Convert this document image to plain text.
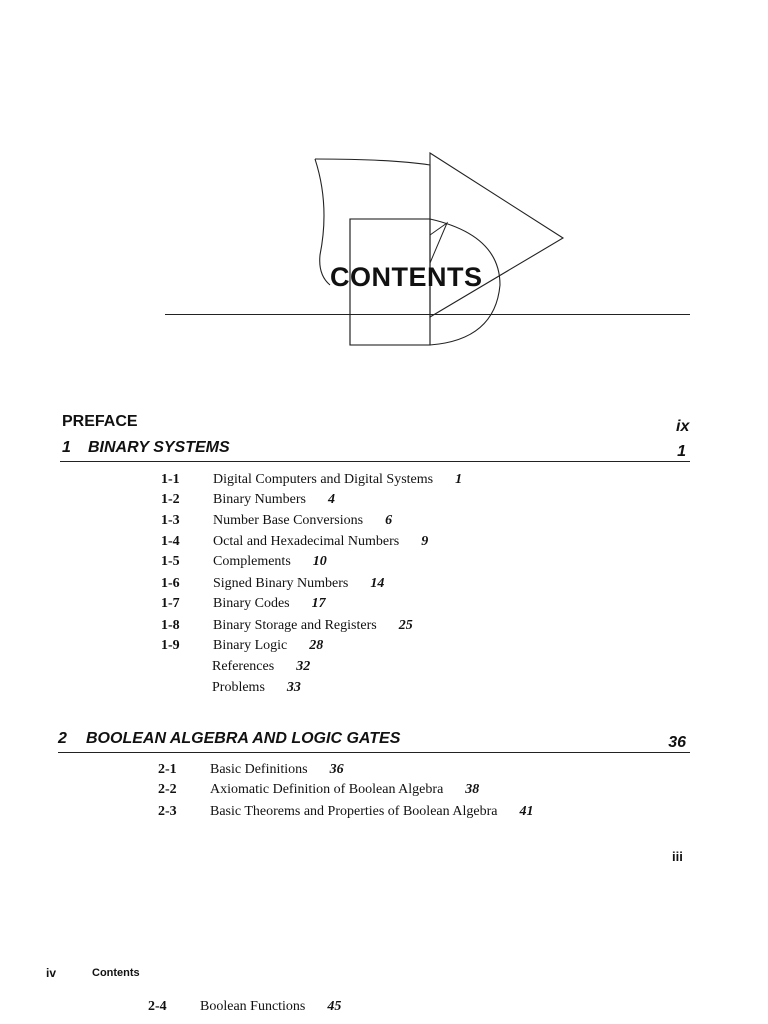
CONTENTS
PREFACE	ix
1 BINARY SYSTEMS	1
1-1 Digital Computers and Digital Systems 1
1-2 Binary Numbers 4
1-3 Number Base Conversions 6
1-4 Octal and Hexadecimal Numbers 9
1-5 Complements 10
1-6 Signed Binary Numbers 14
1-7 Binary Codes 17
1-8 Binary Storage and Registers 25
1-9 Binary Logic 28
References 32
Problems 33
2 BOOLEAN ALGEBRA AND LOGIC GATES	36
2-1 Basic Definitions 36
2-2 Axiomatic Definition of Boolean Algebra 38
2-3 Basic Theorems and Properties of Boolean Algebra 41
iii
iv	Contents
2-4 Boolean Functions 45
